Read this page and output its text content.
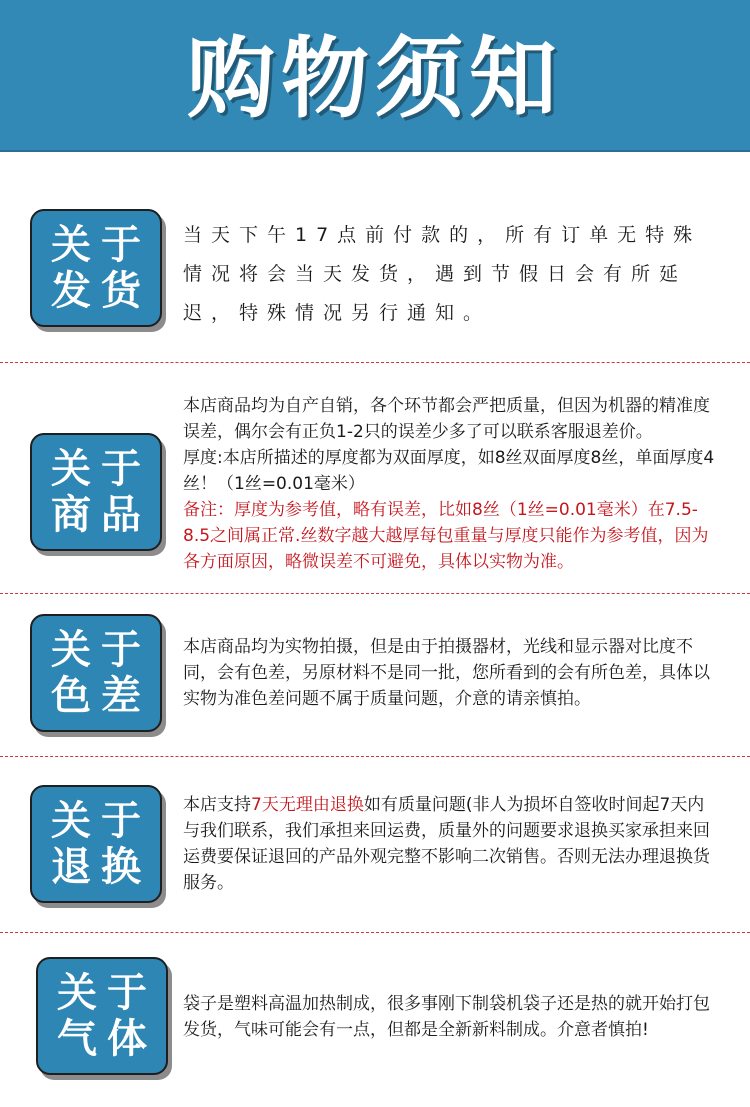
购物须知
关于
发货

当天下午17点前付款的，所有订单无特殊情况将会当天发货，遇到节假日会有所延迟，特殊情况另行通知。

关于
商品

本店商品均为自产自销，各个环节都会严把质量，但因为机器的精准度误差，偶尔会有正负1-2只的误差少多了可以联系客服退差价。

厚度:本店所描述的厚度都为双面厚度，如8丝双面厚度8丝，单面厚度4丝！（1丝=0.01毫米）

备注：厚度为参考值，略有误差，比如8丝（1丝=0.01毫米）在7.5-8.5之间属正常.丝数字越大越厚每包重量与厚度只能作为参考值，因为各方面原因，略微误差不可避免，具体以实物为准。

关于
色差

本店商品均为实物拍摄，但是由于拍摄器材，光线和显示器对比度不同，会有色差，另原材料不是同一批，您所看到的会有所色差，具体以实物为准色差问题不属于质量问题，介意的请亲慎拍。

关于
退换

本店支持7天无理由退换如有质量问题(非人为损坏自签收时间起7天内与我们联系，我们承担来回运费，质量外的问题要求退换买家承担来回运费要保证退回的产品外观完整不影响二次销售。否则无法办理退换货服务。

关于
气体

袋子是塑料高温加热制成，很多事刚下制袋机袋子还是热的就开始打包发货，气味可能会有一点，但都是全新新料制成。介意者慎拍!
